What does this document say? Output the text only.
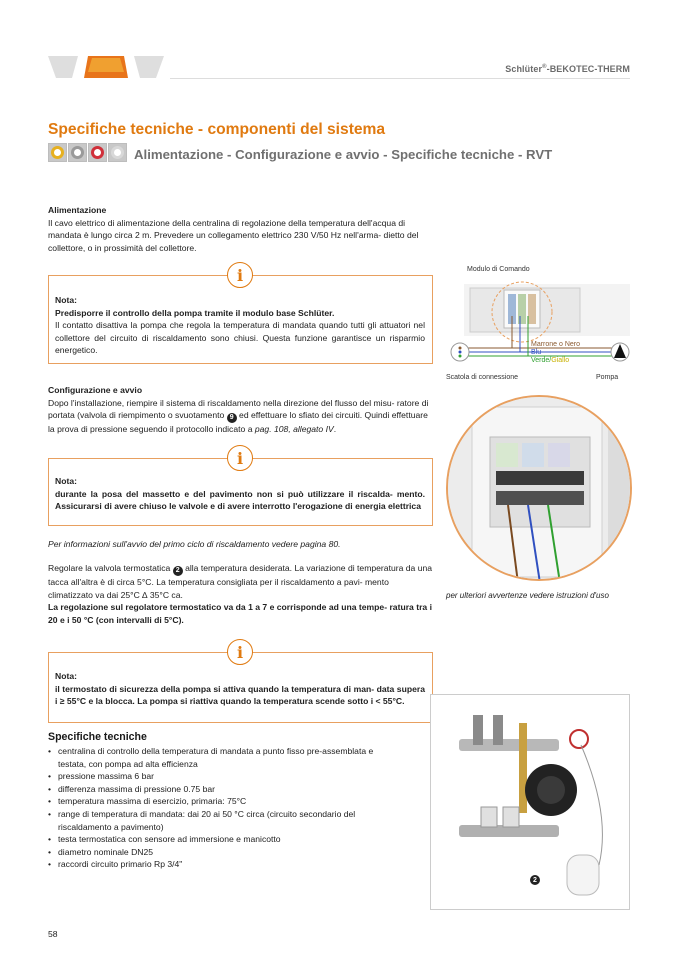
Schlüter®-BEKOTEC-THERM
Specifiche tecniche - componenti del sistema
Alimentazione - Configurazione e avvio - Specifiche tecniche - RVT
Alimentazione
Il cavo elettrico di alimentazione della centralina di regolazione della temperatura dell'acqua di mandata è lungo circa 2 m. Prevedere un collegamento elettrico 230 V/50 Hz nell'arma- dietto del collettore, o in prossimità del collettore.
i
Nota:
Predisporre il controllo della pompa tramite il modulo base Schlüter.
Il contatto disattiva la pompa che regola la temperatura di mandata quando tutti gli attuatori nel collettore del circuito di riscaldamento sono chiusi. Questa funzione garantisce un risparmio energetico.
Configurazione e avvio
Dopo l'installazione, riempire il sistema di riscaldamento nella direzione del flusso del misu- ratore di portata (valvola di riempimento o svuotamento 9 ed effettuare lo sfiato dei circuiti. Quindi effettuare la prova di pressione seguendo il protocollo indicato a pag. 108, allegato IV.
i
Nota:
durante la posa del massetto e del pavimento non si può utilizzare il riscalda- mento. Assicurarsi di avere chiuso le valvole e di avere interrotto l'erogazione di energia elettrica
Per informazioni sull'avvio del primo ciclo di riscaldamento vedere pagina 80.
Regolare la valvola termostatica 2 alla temperatura desiderata. La variazione di temperatura da una tacca all'altra è di circa 5°C. La temperatura consigliata per il riscaldamento a pavi- mento climatizzato va dai 25°C ∆ 35°C ca.
La regolazione sul regolatore termostatico va da 1 a 7 e corrisponde ad una tempe- ratura tra i 20 e i 50 °C (con intervalli di 5°C).
i
Nota:
il termostato di sicurezza della pompa si attiva quando la temperatura di man- data supera i ≥ 55°C e la blocca. La pompa si riattiva quando la temperatura scende sotto i < 55°C.
Specifiche tecniche
• centralina di controllo della temperatura di mandata a punto fisso pre-assemblata e testata, con pompa ad alta efficienza
• pressione massima 6 bar
• differenza massima di pressione 0.75 bar
• temperatura massima di esercizio, primaria: 75°C
• range di temperatura di mandata: dai 20 ai 50 °C circa (circuito secondario del riscaldamento a pavimento)
• testa termostatica con sensore ad immersione e manicotto
• diametro nominale DN25
• raccordi circuito primario Rp 3/4"
Modulo di Comando
Marrone o Nero
Blu
Verde/Giallo
Scatola di connessione	Pompa
per ulteriori avvertenze vedere istruzioni d'uso
2
58
